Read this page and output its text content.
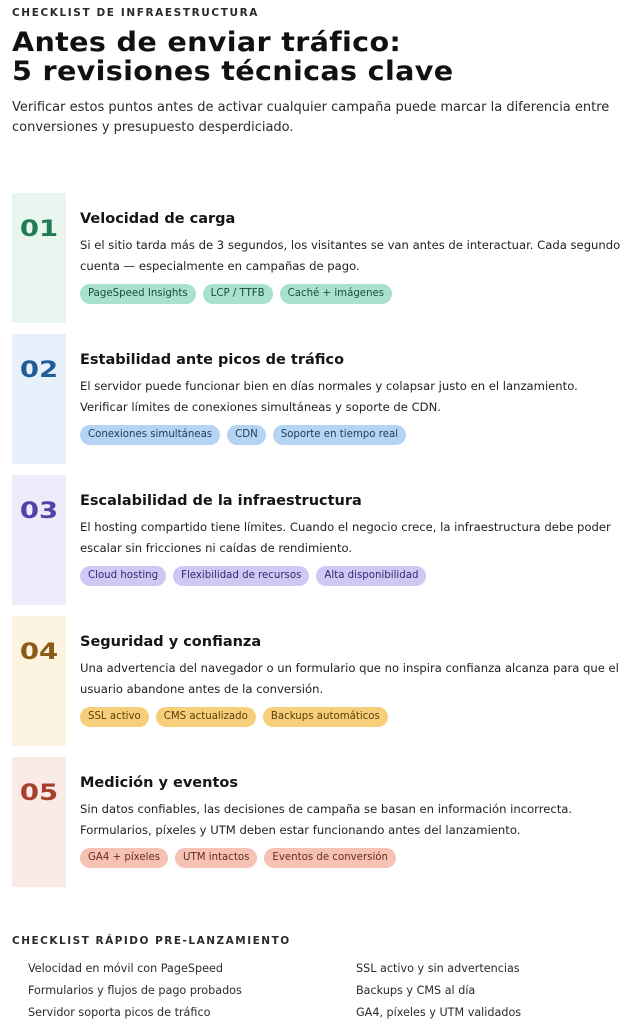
CHECKLIST DE INFRAESTRUCTURA
Antes de enviar tráfico:
5 revisiones técnicas clave
Verificar estos puntos antes de activar cualquier campaña puede marcar la diferencia entre conversiones y presupuesto desperdiciado.
01	Velocidad de carga
Si el sitio tarda más de 3 segundos, los visitantes se van antes de interactuar. Cada segundo cuenta — especialmente en campañas de pago.
PageSpeed Insights	LCP / TTFB	Caché + imágenes
02	Estabilidad ante picos de tráfico
El servidor puede funcionar bien en días normales y colapsar justo en el lanzamiento. Verificar límites de conexiones simultáneas y soporte de CDN.
Conexiones simultáneas	CDN	Soporte en tiempo real
03	Escalabilidad de la infraestructura
El hosting compartido tiene límites. Cuando el negocio crece, la infraestructura debe poder escalar sin fricciones ni caídas de rendimiento.
Cloud hosting	Flexibilidad de recursos	Alta disponibilidad
04	Seguridad y confianza
Una advertencia del navegador o un formulario que no inspira confianza alcanza para que el usuario abandone antes de la conversión.
SSL activo	CMS actualizado	Backups automáticos
05	Medición y eventos
Sin datos confiables, las decisiones de campaña se basan en información incorrecta. Formularios, píxeles y UTM deben estar funcionando antes del lanzamiento.
GA4 + píxeles	UTM intactos	Eventos de conversión
CHECKLIST RÁPIDO PRE-LANZAMIENTO
Velocidad en móvil con PageSpeed
Formularios y flujos de pago probados
Servidor soporta picos de tráfico
SSL activo y sin advertencias
Backups y CMS al día
GA4, píxeles y UTM validados
